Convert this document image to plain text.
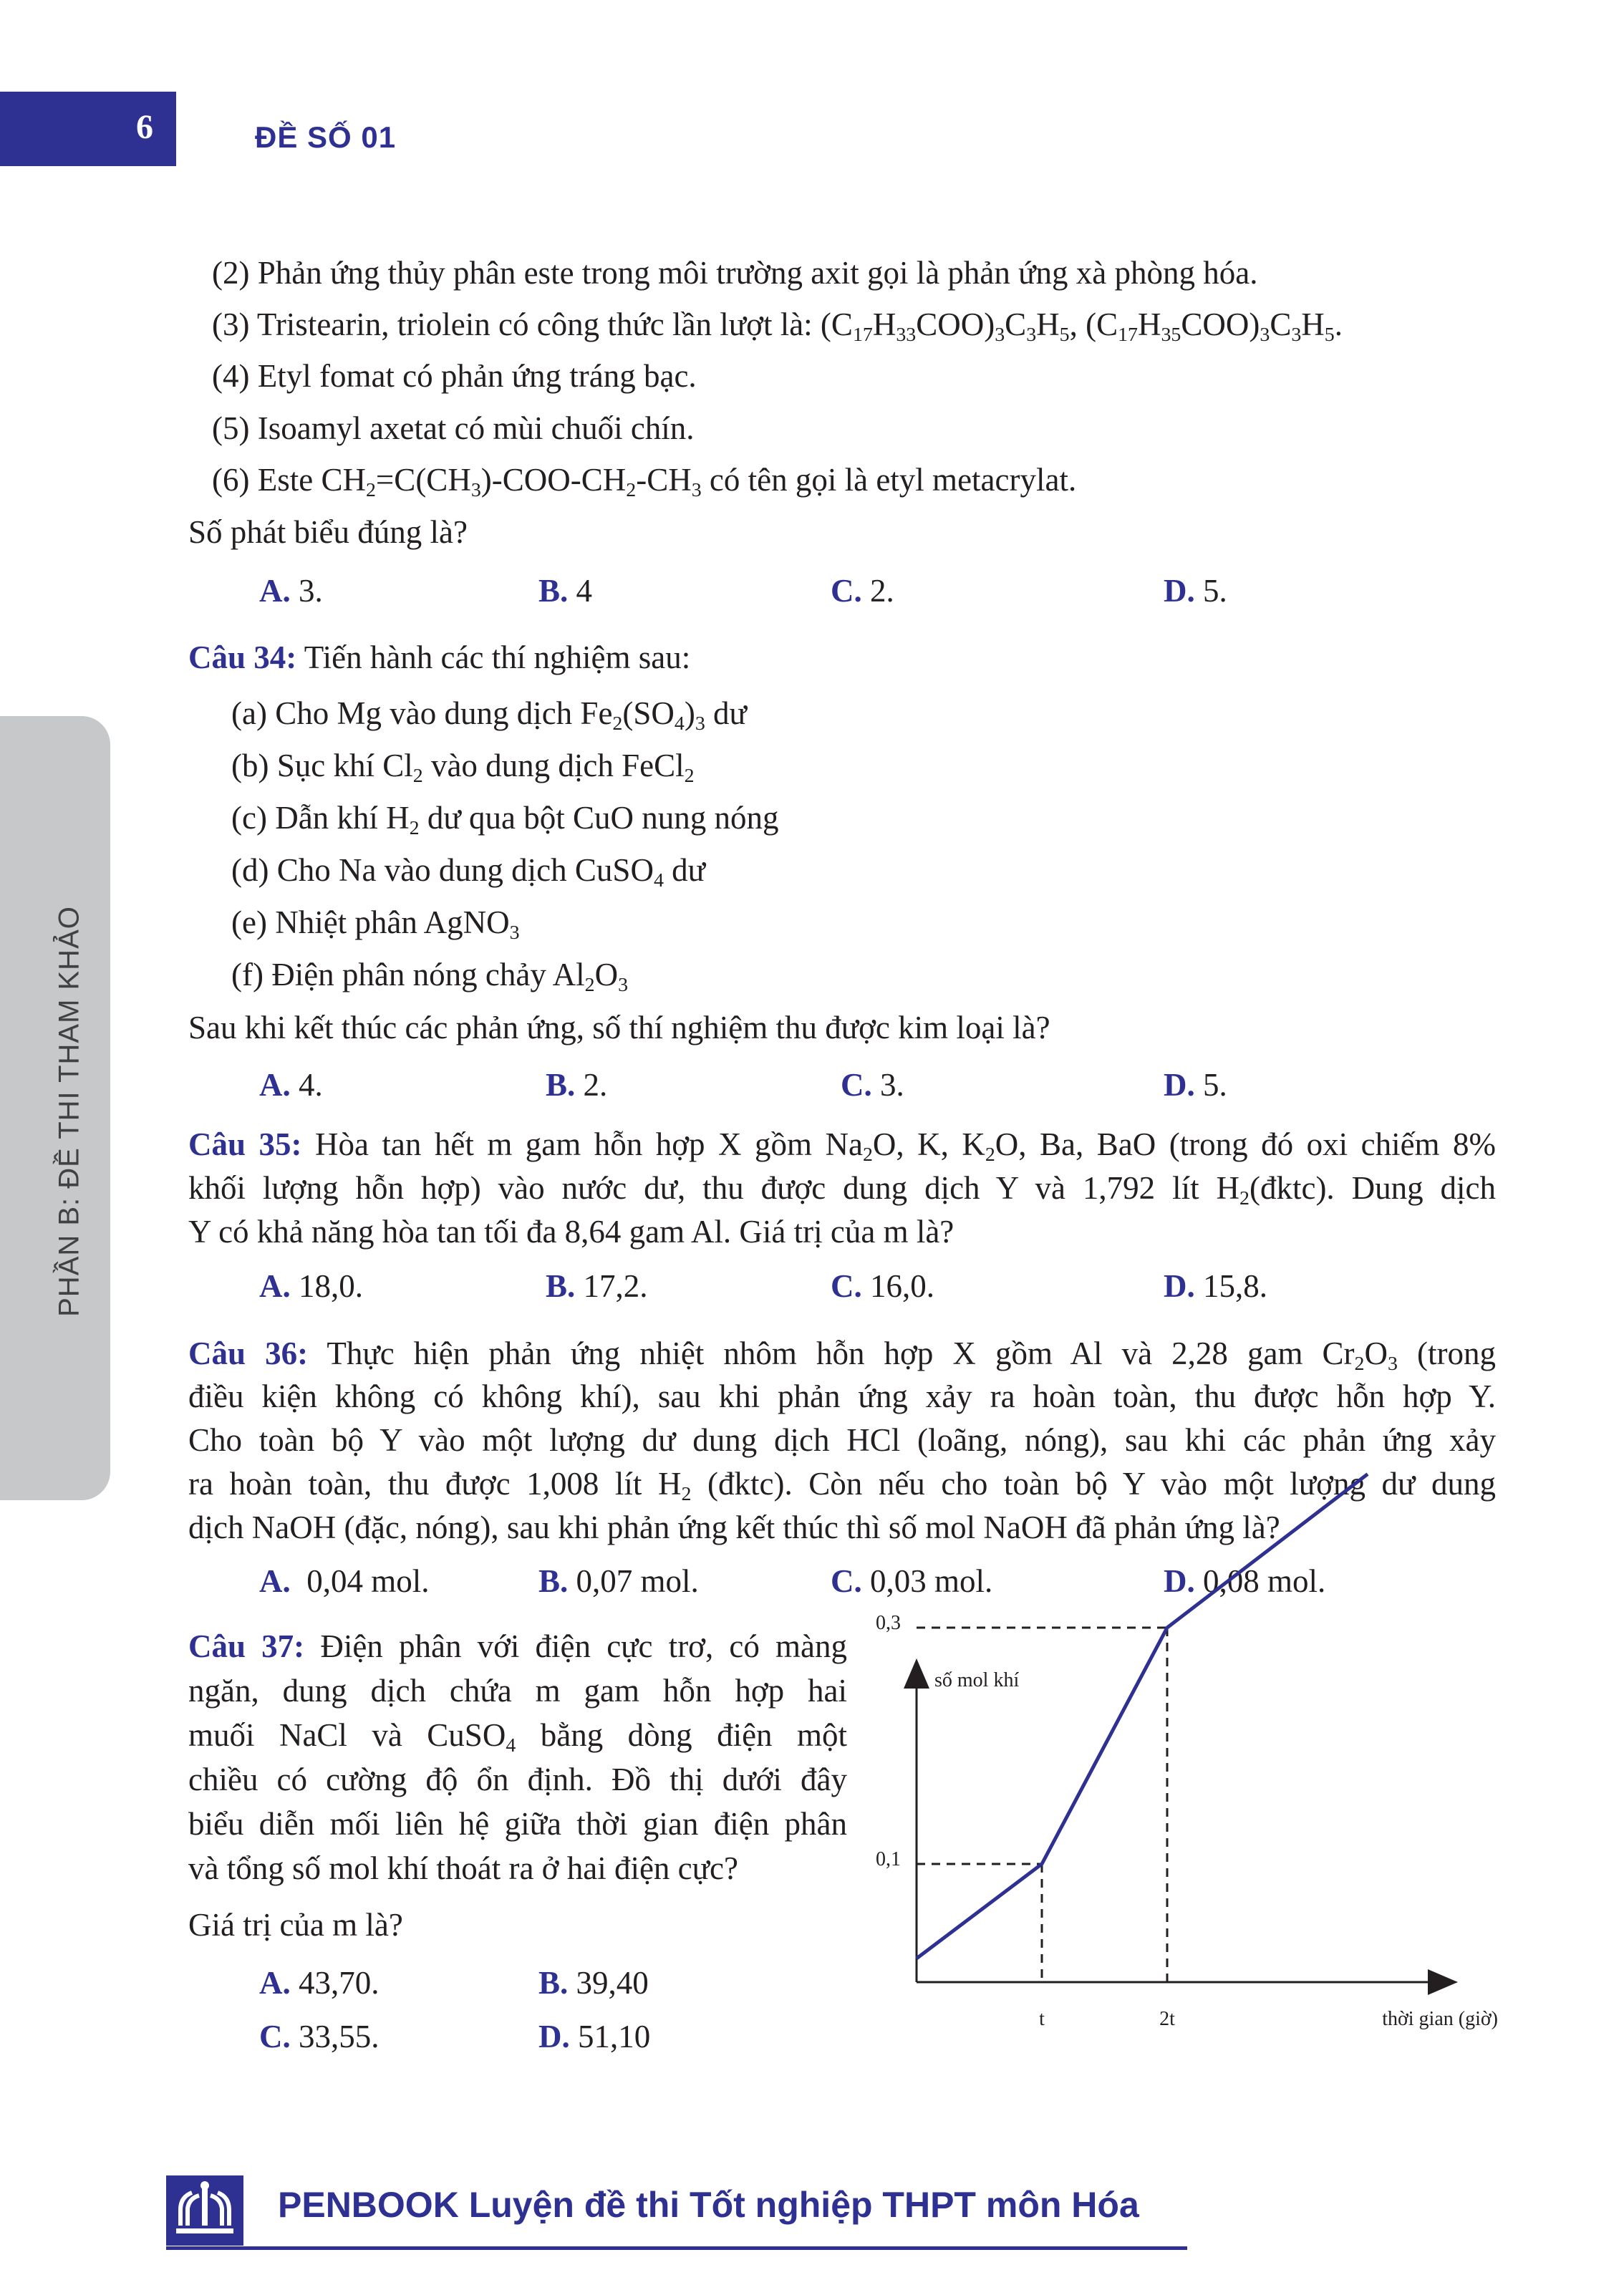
6	ĐỀ SỐ 01
PHẦN B: ĐỀ THI THAM KHẢO
(2) Phản ứng thủy phân este trong môi trường axit gọi là phản ứng xà phòng hóa.
(3) Tristearin, triolein có công thức lần lượt là: $(C_{17}H_{33}COO)_3C_3H_5$, $(C_{17}H_{35}COO)_3C_3H_5$.
(4) Etyl fomat có phản ứng tráng bạc.
(5) Isoamyl axetat có mùi chuối chín.
(6) Este $CH_2=C(CH_3)-COO-CH_2-CH_3$ có tên gọi là etyl metacrylat.
Số phát biểu đúng là?
A. 3.	B. 4	C. 2.	D. 5.
Câu 34: Tiến hành các thí nghiệm sau:
(a) Cho Mg vào dung dịch $Fe_2(SO_4)_3$ dư
(b) Sục khí $Cl_2$ vào dung dịch FeCl$_2$
(c) Dẫn khí $H_2$ dư qua bột CuO nung nóng
(d) Cho Na vào dung dịch CuSO$_4$ dư
(e) Nhiệt phân AgNO$_3$
(f) Điện phân nóng chảy $Al_2O_3$
Sau khi kết thúc các phản ứng, số thí nghiệm thu được kim loại là?
A. 4.	B. 2.	C. 3.	D. 5.
Câu 35: Hòa tan hết m gam hỗn hợp X gồm $Na_2O$, K, $K_2O$, Ba, BaO (trong đó oxi chiếm 8%
khối lượng hỗn hợp) vào nước dư, thu được dung dịch Y và 1,792 lít $H_2(đktc)$. Dung dịch
Y có khả năng hòa tan tối đa 8,64 gam Al. Giá trị của m là?
A. 18,0.	B. 17,2.	C. 16,0.	D. 15,8.
Câu 36: Thực hiện phản ứng nhiệt nhôm hỗn hợp X gồm Al và 2,28 gam $Cr_2O_3$ (trong
điều kiện không có không khí), sau khi phản ứng xảy ra hoàn toàn, thu được hỗn hợp Y.
Cho toàn bộ Y vào một lượng dư dung dịch HCl (loãng, nóng), sau khi các phản ứng xảy
ra hoàn toàn, thu được 1,008 lít $H_2$ (đktc). Còn nếu cho toàn bộ Y vào một lượng dư dung
dịch NaOH (đặc, nóng), sau khi phản ứng kết thúc thì số mol NaOH đã phản ứng là?
A.  0,04 mol.	B. 0,07 mol.	C. 0,03 mol.	D. 0,08 mol.
Câu 37: Điện phân với điện cực trơ, có màng
ngăn, dung dịch chứa m gam hỗn hợp hai
muối NaCl và CuSO$_4$ bằng dòng điện một
chiều có cường độ ổn định. Đồ thị dưới đây
biểu diễn mối liên hệ giữa thời gian điện phân
và tổng số mol khí thoát ra ở hai điện cực?
Giá trị của m là?
A. 43,70.	B. 39,40
C. 33,55.	D. 51,10
số mol khí
thời gian (giờ)
0,1
0,3
t	2t
PENBOOK Luyện đề thi Tốt nghiệp THPT môn Hóa
